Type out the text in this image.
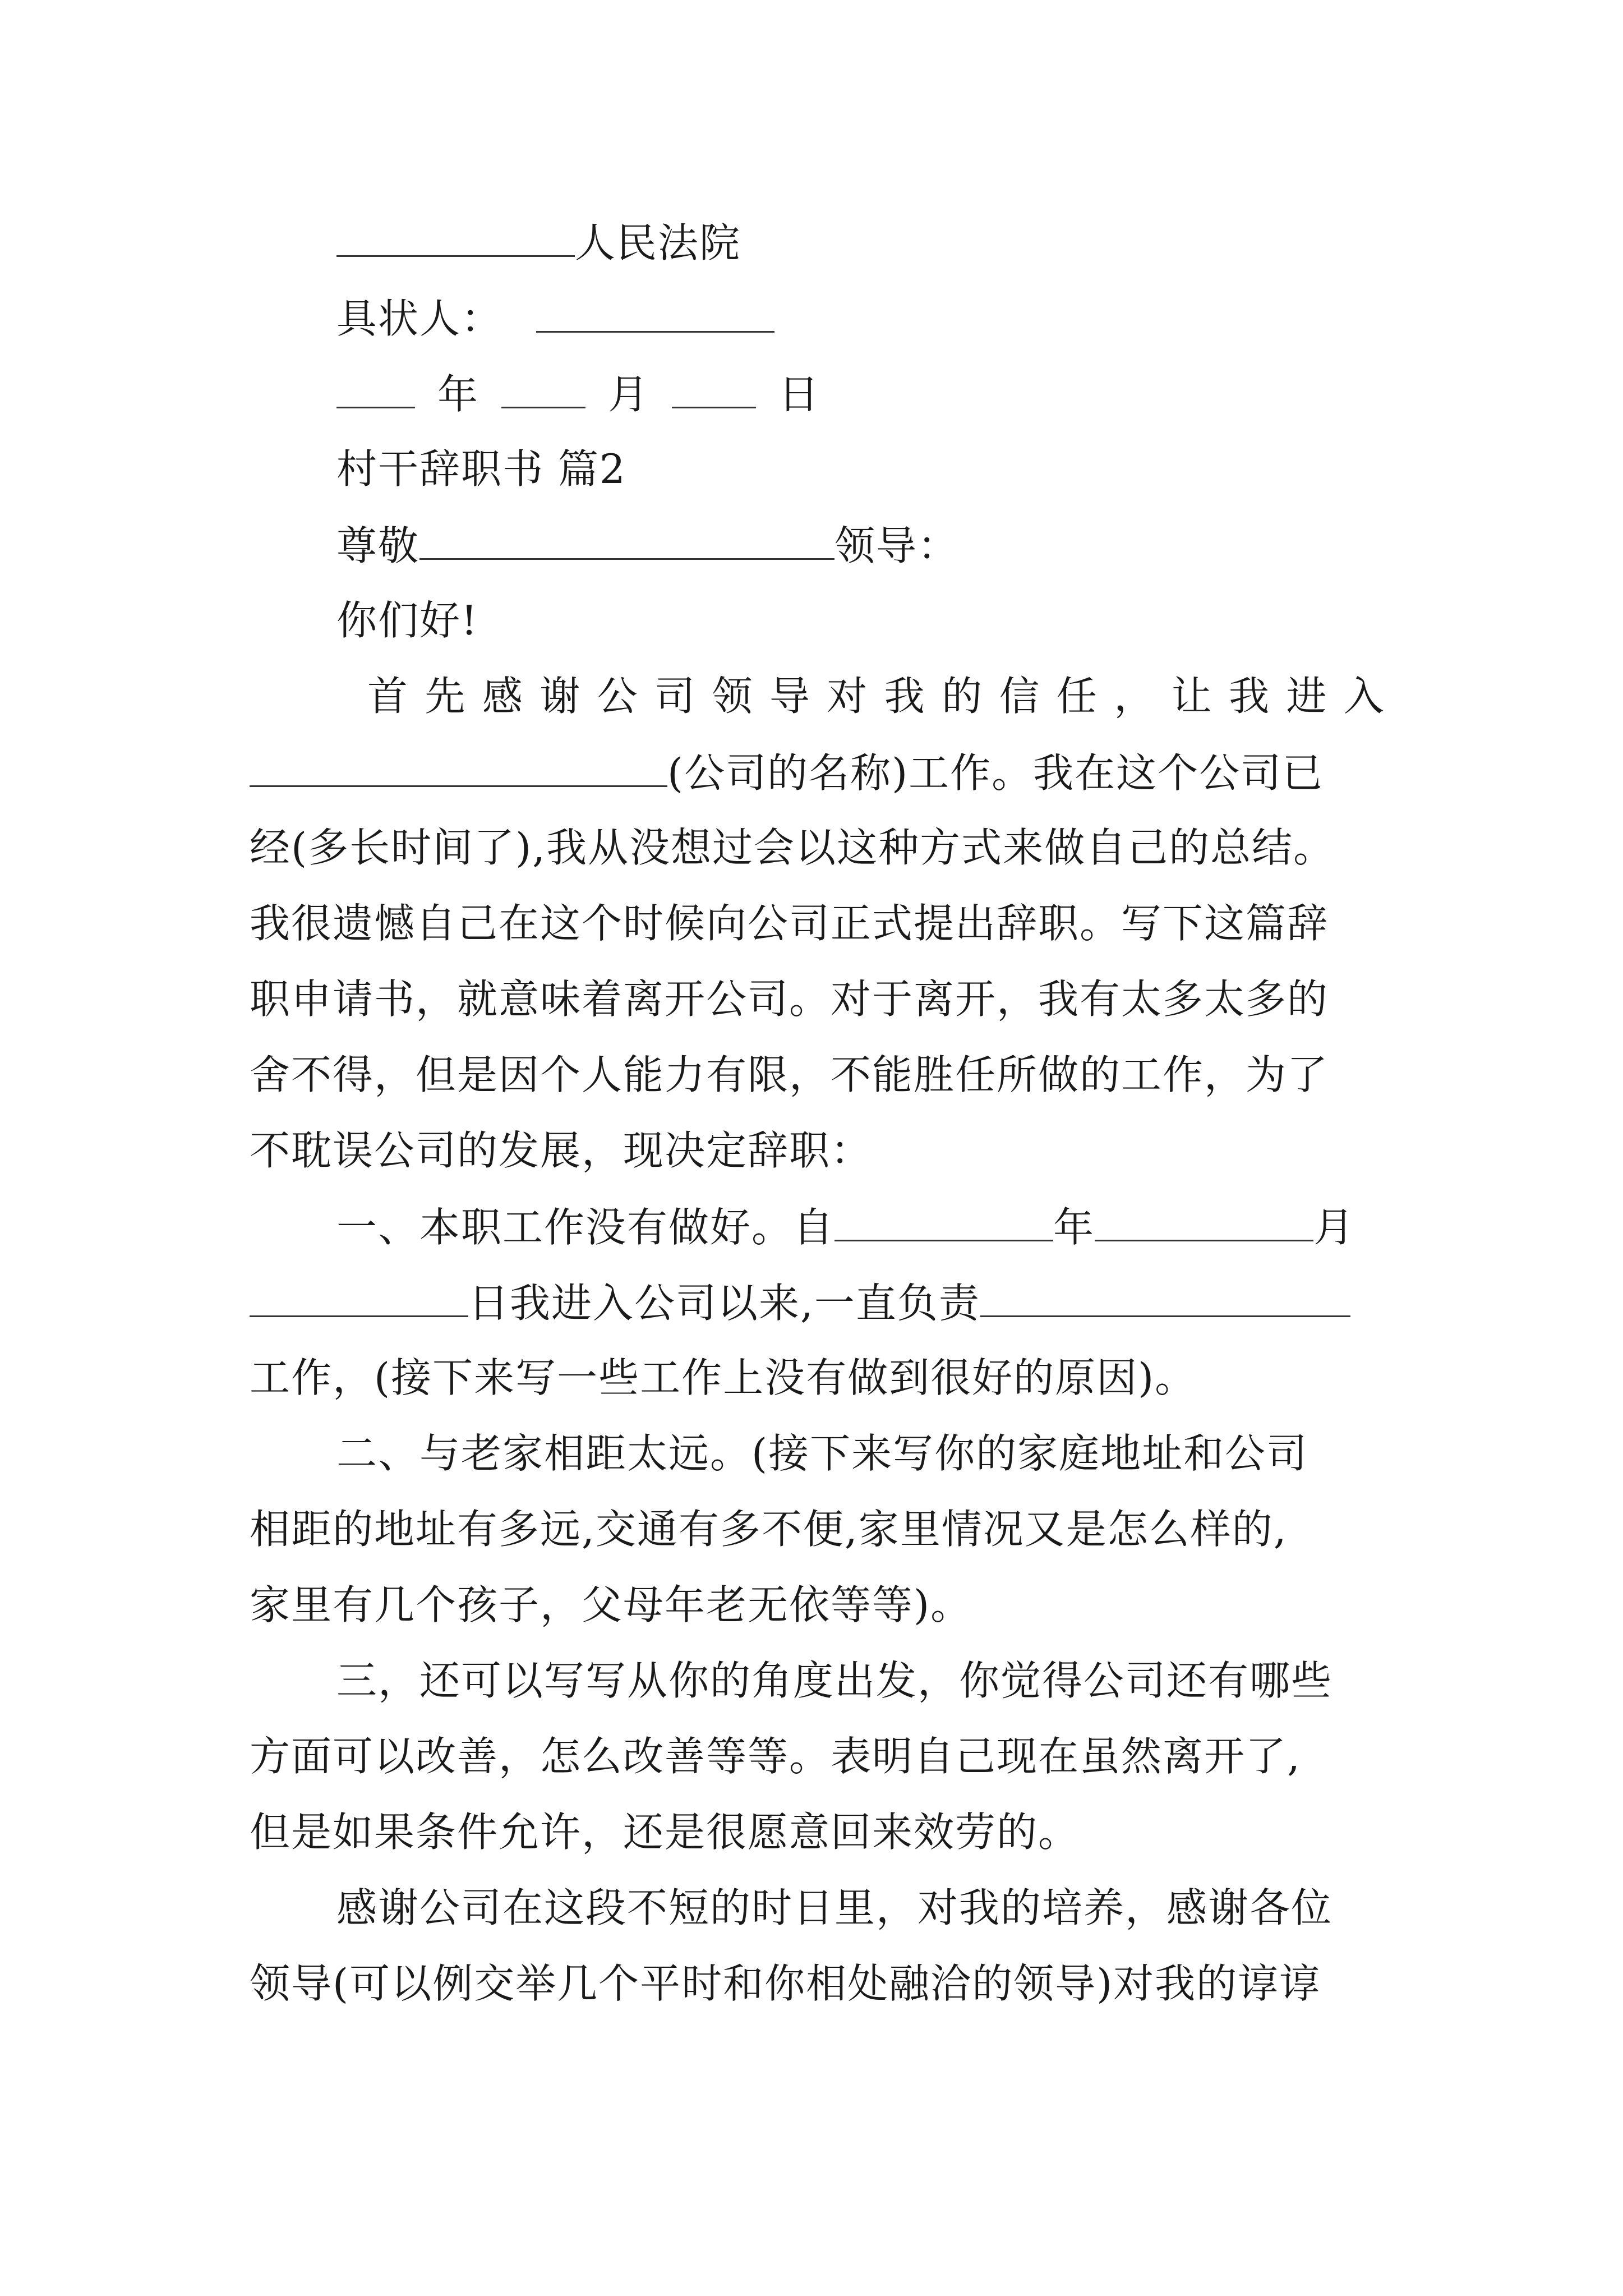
人民法院
具状人：
年	月	日
村干辞职书 篇2
尊敬	领导：
你们好!
首 先 感 谢 公 司 领 导 对 我 的 信 任 ， 让 我 进 入
(公司的名称)工作。我在这个公司已
经(多长时间了),我从没想过会以这种方式来做自己的总结。
我很遗憾自己在这个时候向公司正式提出辞职。写下这篇辞
职申请书，就意味着离开公司。对于离开，我有太多太多的
舍不得，但是因个人能力有限，不能胜任所做的工作，为了
不耽误公司的发展，现决定辞职：
一、本职工作没有做好。自	年	月
日我进入公司以来,一直负责
工作，(接下来写一些工作上没有做到很好的原因)。
二、与老家相距太远。(接下来写你的家庭地址和公司
相距的地址有多远,交通有多不便,家里情况又是怎么样的,
家里有几个孩子，父母年老无依等等)。
三，还可以写写从你的角度出发，你觉得公司还有哪些
方面可以改善，怎么改善等等。表明自己现在虽然离开了,
但是如果条件允许，还是很愿意回来效劳的。
感谢公司在这段不短的时日里，对我的培养，感谢各位
领导(可以例交举几个平时和你相处融洽的领导)对我的谆谆
